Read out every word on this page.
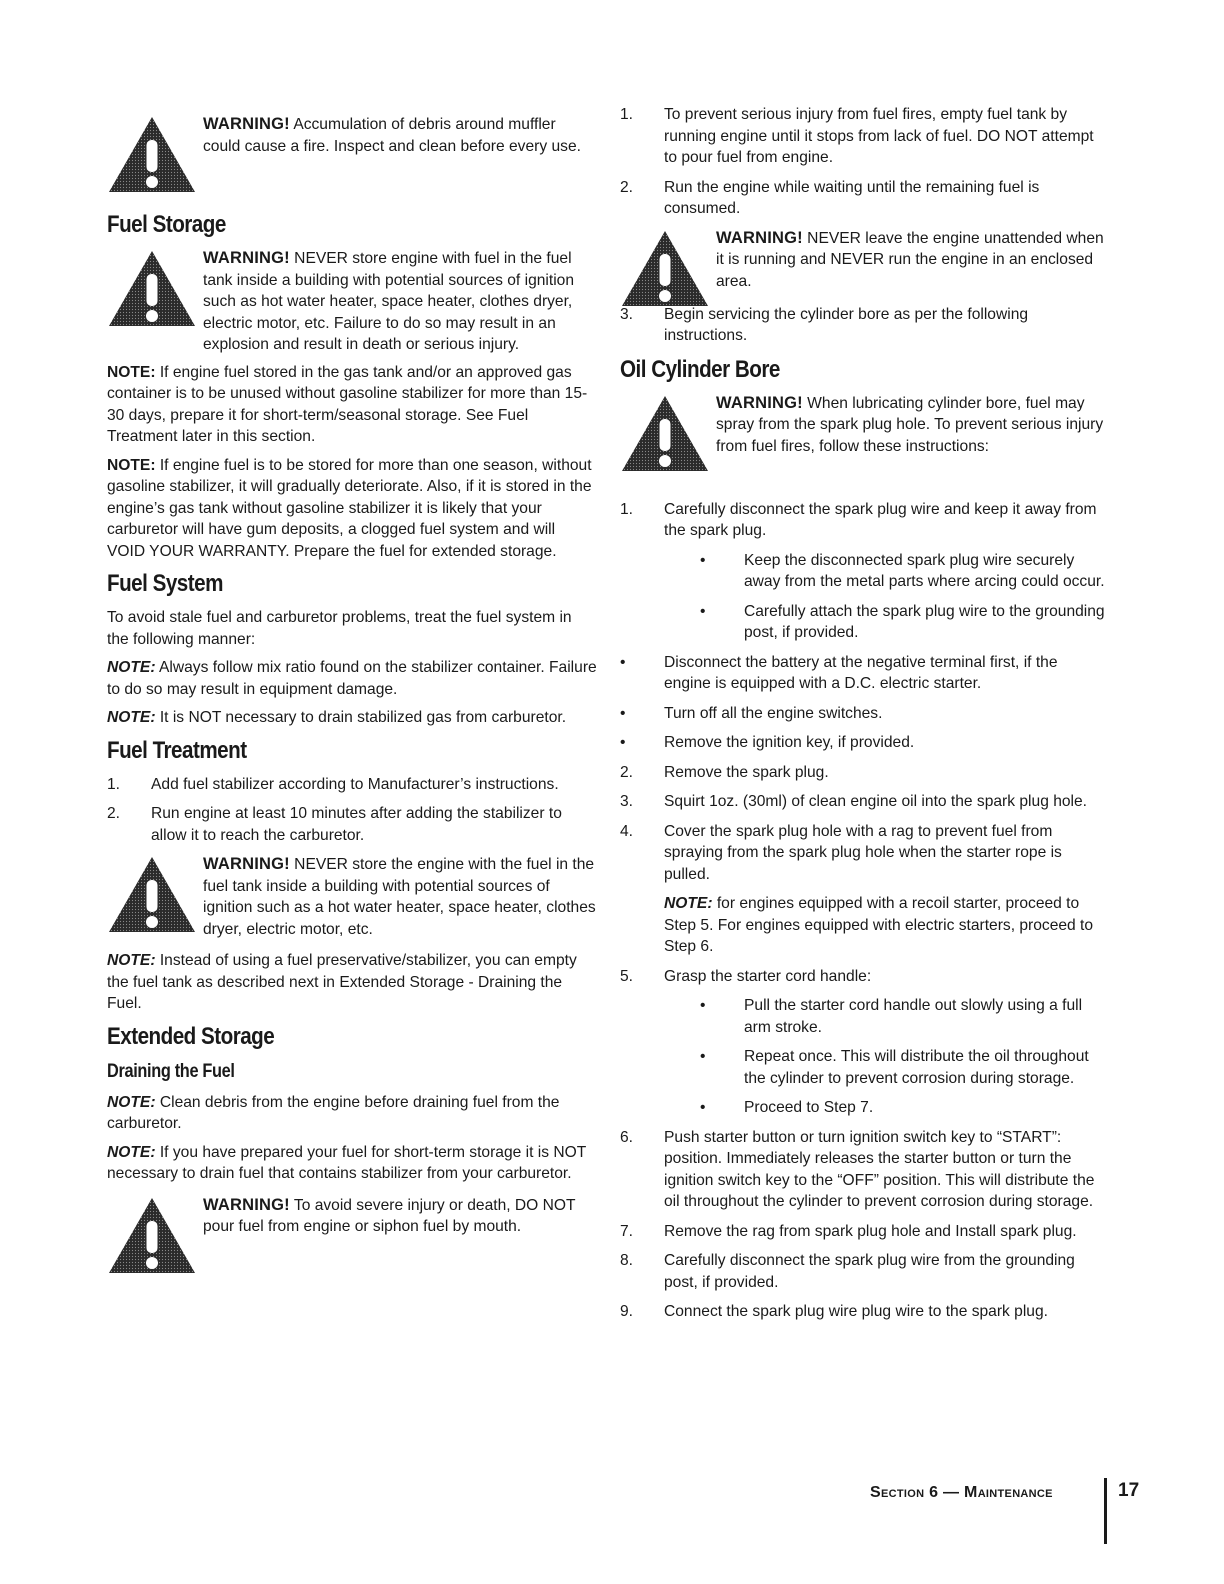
WARNING! Accumulation of debris around muffler could cause a fire. Inspect and clean before every use.
Fuel Storage
WARNING! NEVER store engine with fuel in the fuel tank inside a building with potential sources of ignition such as hot water heater, space heater, clothes dryer, electric motor, etc. Failure to do so may result in an explosion and result in death or serious injury.

NOTE: If engine fuel stored in the gas tank and/or an approved gas container is to be unused without gasoline stabilizer for more than 15-30 days, prepare it for short-term/seasonal storage. See Fuel Treatment later in this section.

NOTE: If engine fuel is to be stored for more than one season, without gasoline stabilizer, it will gradually deteriorate. Also, if it is stored in the engine’s gas tank without gasoline stabilizer it is likely that your carburetor will have gum deposits, a clogged fuel system and will VOID YOUR WARRANTY. Prepare the fuel for extended storage.

Fuel System

To avoid stale fuel and carburetor problems, treat the fuel system in the following manner:

NOTE: Always follow mix ratio found on the stabilizer container. Failure to do so may result in equipment damage.

NOTE: It is NOT necessary to drain stabilized gas from carburetor.

Fuel Treatment
1. Add fuel stabilizer according to Manufacturer’s instructions.
2. Run engine at least 10 minutes after adding the stabilizer to allow it to reach the carburetor.
WARNING! NEVER store the engine with the fuel in the fuel tank inside a building with potential sources of ignition such as a hot water heater, space heater, clothes dryer, electric motor, etc.

NOTE: Instead of using a fuel preservative/stabilizer, you can empty the fuel tank as described next in Extended Storage - Draining the Fuel.

Extended Storage
Draining the Fuel

NOTE: Clean debris from the engine before draining fuel from the carburetor.

NOTE: If you have prepared your fuel for short-term storage it is NOT necessary to drain fuel that contains stabilizer from your carburetor.

WARNING! To avoid severe injury or death, DO NOT pour fuel from engine or siphon fuel by mouth.
1. To prevent serious injury from fuel fires, empty fuel tank by running engine until it stops from lack of fuel. DO NOT attempt to pour fuel from engine.
2. Run the engine while waiting until the remaining fuel is consumed.
WARNING! NEVER leave the engine unattended when it is running and NEVER run the engine in an enclosed area.
3. Begin servicing the cylinder bore as per the following instructions.
Oil Cylinder Bore
WARNING! When lubricating cylinder bore, fuel may spray from the spark plug hole. To prevent serious injury from fuel fires, follow these instructions:
1. Carefully disconnect the spark plug wire and keep it away from the spark plug.
• Keep the disconnected spark plug wire securely away from the metal parts where arcing could occur.
• Carefully attach the spark plug wire to the grounding post, if provided.
• Disconnect the battery at the negative terminal first, if the engine is equipped with a D.C. electric starter.
• Turn off all the engine switches.
• Remove the ignition key, if provided.
2. Remove the spark plug.
3. Squirt 1oz. (30ml) of clean engine oil into the spark plug hole.
4. Cover the spark plug hole with a rag to prevent fuel from spraying from the spark plug hole when the starter rope is pulled.

NOTE: for engines equipped with a recoil starter, proceed to Step 5. For engines equipped with electric starters, proceed to Step 6.

5. Grasp the starter cord handle:
• Pull the starter cord handle out slowly using a full arm stroke.
• Repeat once. This will distribute the oil throughout the cylinder to prevent corrosion during storage.
• Proceed to Step 7.
6. Push starter button or turn ignition switch key to “START”: position. Immediately releases the starter button or turn the ignition switch key to the “OFF” position. This will distribute the oil throughout the cylinder to prevent corrosion during storage.
7. Remove the rag from spark plug hole and Install spark plug.
8. Carefully disconnect the spark plug wire from the grounding post, if provided.
9. Connect the spark plug wire plug wire to the spark plug.
Section 6 — Maintenance	17
